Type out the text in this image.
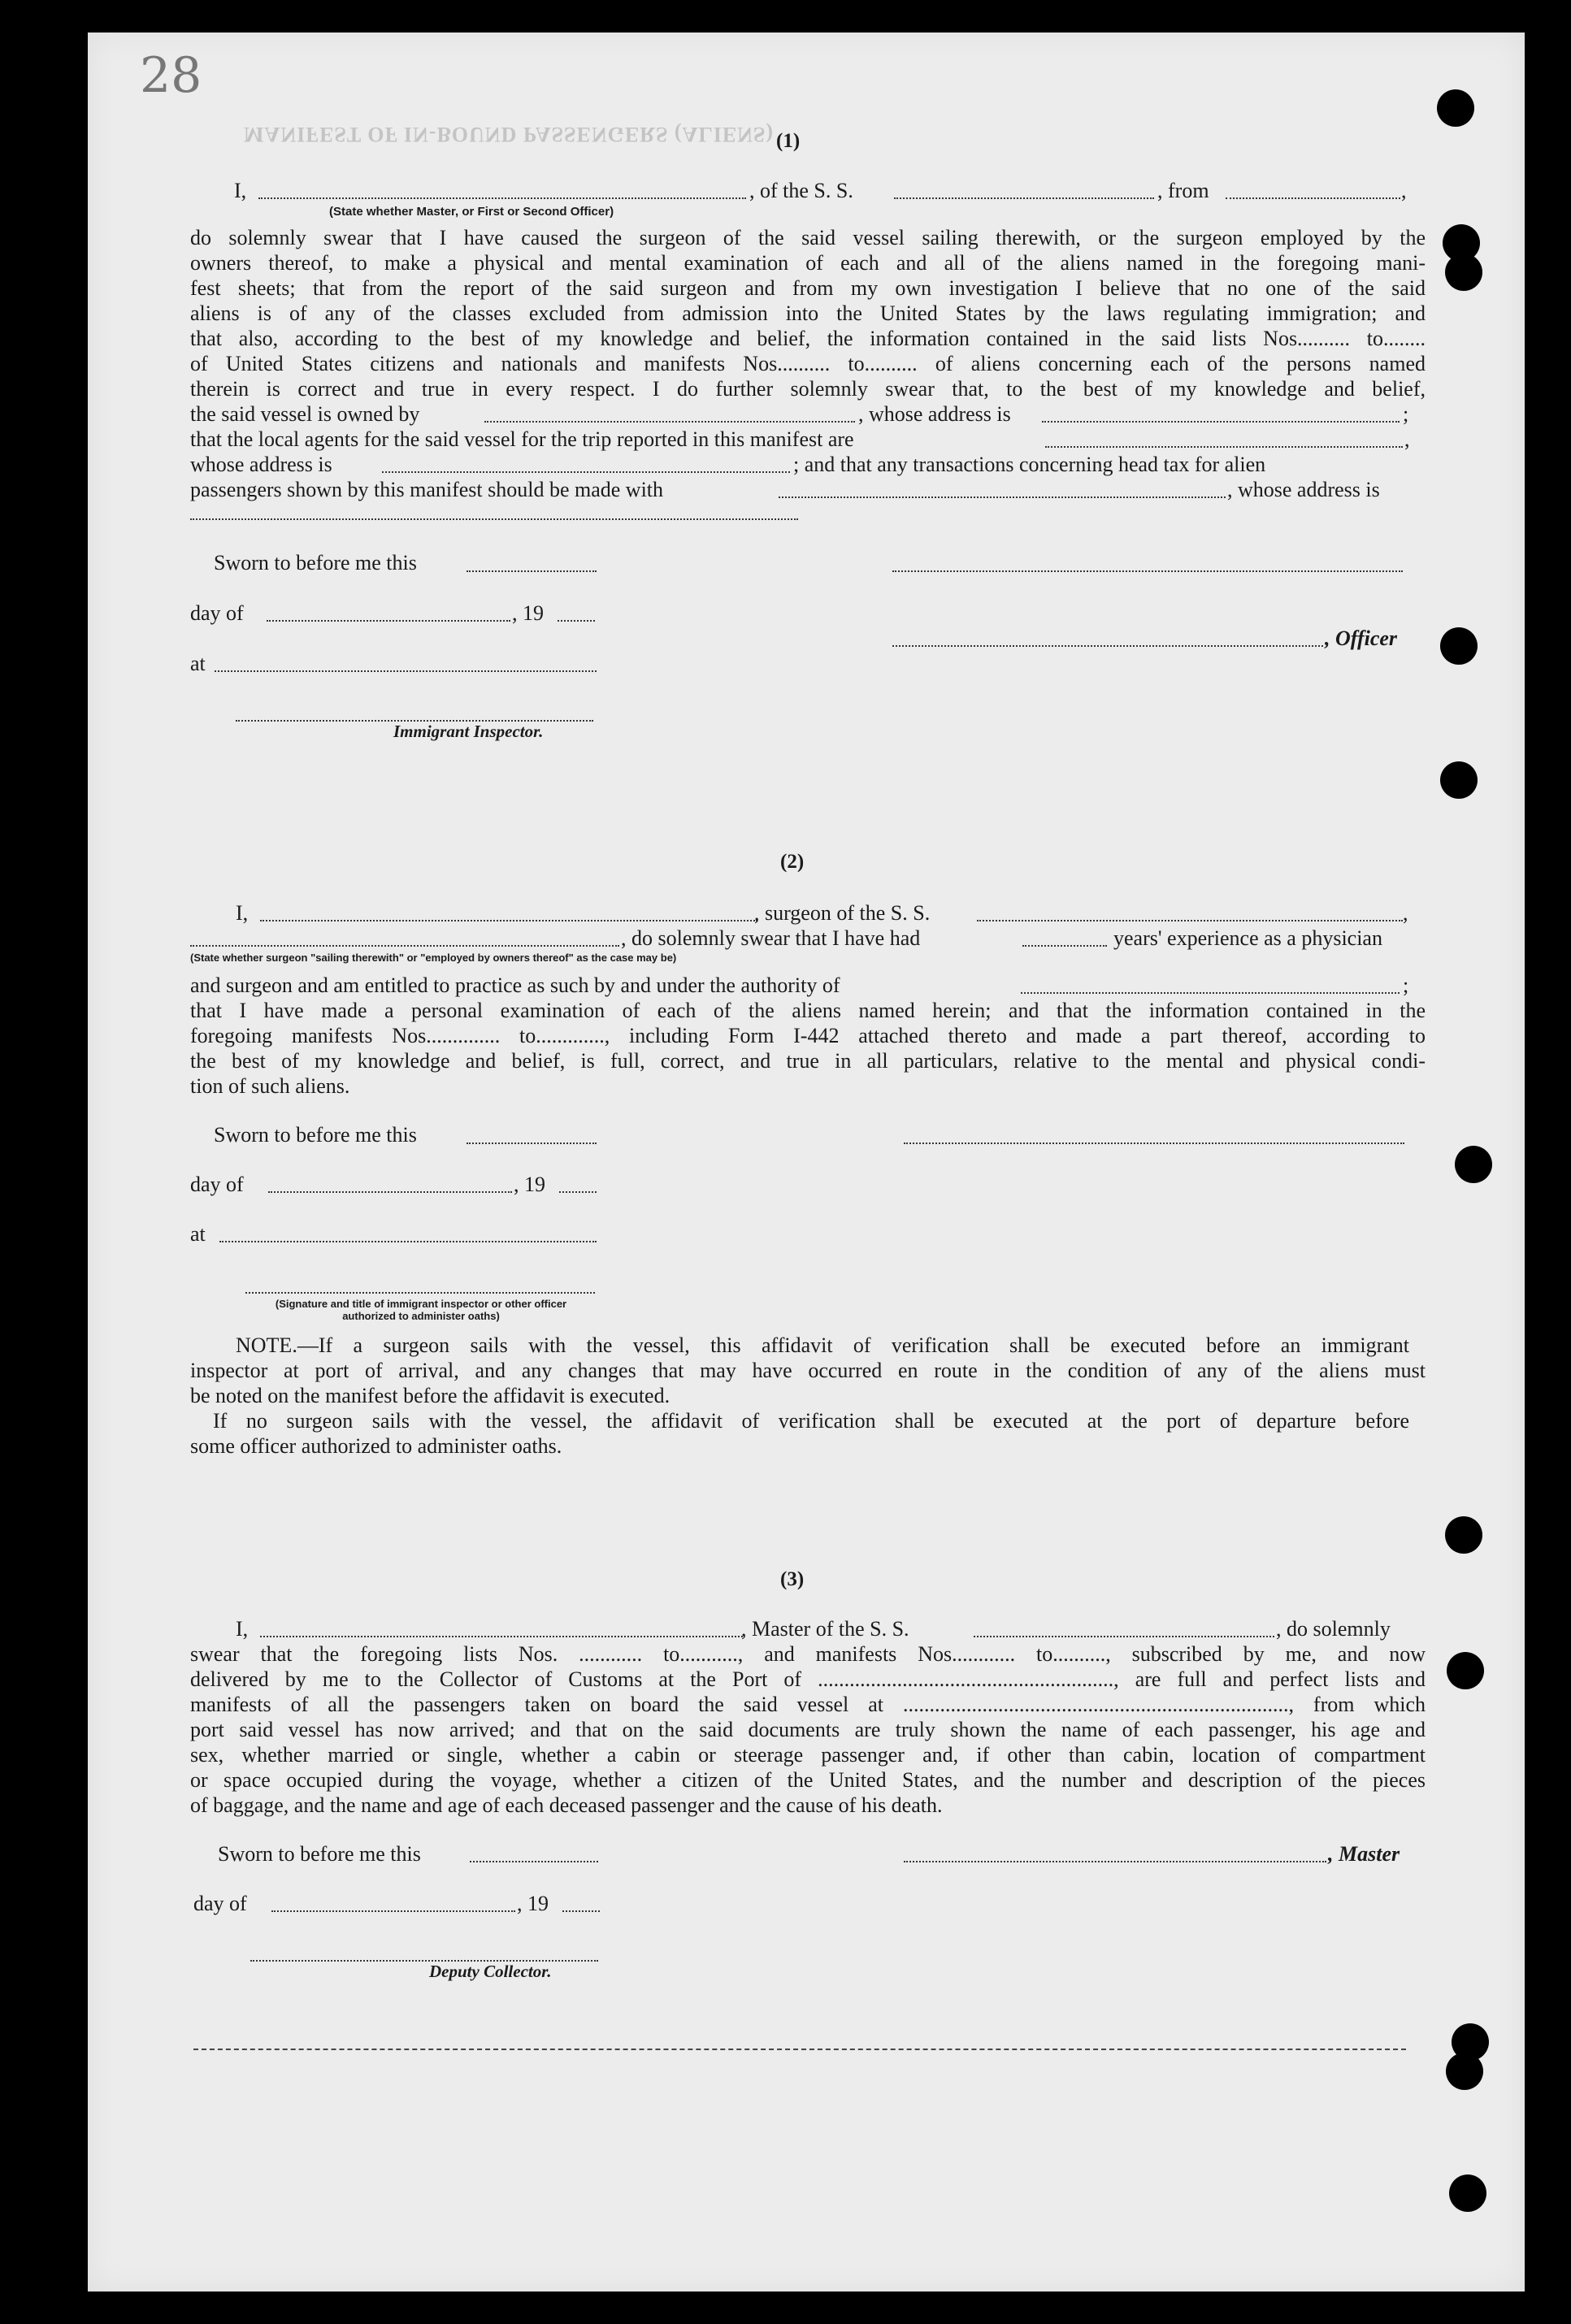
28
MANIFEST OF IN-BOUND PASSENGERS (ALIENS) (1)
I,	, of the S. S.	, from	,
(State whether Master, or First or Second Officer)
do solemnly swear that I have caused the surgeon of the said vessel sailing therewith, or the surgeon employed by the
owners thereof, to make a physical and mental examination of each and all of the aliens named in the foregoing mani-
fest sheets; that from the report of the said surgeon and from my own investigation I believe that no one of the said
aliens is of any of the classes excluded from admission into the United States by the laws regulating immigration; and
that also, according to the best of my knowledge and belief, the information contained in the said lists Nos.......... to........
of United States citizens and nationals and manifests Nos.......... to.......... of aliens concerning each of the persons named
therein is correct and true in every respect. I do further solemnly swear that, to the best of my knowledge and belief,
the said vessel is owned by	, whose address is	;
that the local agents for the said vessel for the trip reported in this manifest are	,
whose address is	; and that any transactions concerning head tax for alien
passengers shown by this manifest should be made with	, whose address is
Sworn to before me this
day of	, 19
, Officer
at
Immigrant Inspector.
(2)
I,	, surgeon of the S. S.	,
, do solemnly swear that I have had	years' experience as a physician
(State whether surgeon "sailing therewith" or "employed by owners thereof" as the case may be)
and surgeon and am entitled to practice as such by and under the authority of	;
that I have made a personal examination of each of the aliens named herein; and that the information contained in the
foregoing manifests Nos.............. to............., including Form I-442 attached thereto and made a part thereof, according to
the best of my knowledge and belief, is full, correct, and true in all particulars, relative to the mental and physical condi-
tion of such aliens.
Sworn to before me this
day of	, 19
at
(Signature and title of immigrant inspector or other officer authorized to administer oaths)
NOTE.—If a surgeon sails with the vessel, this affidavit of verification shall be executed before an immigrant
inspector at port of arrival, and any changes that may have occurred en route in the condition of any of the aliens must
be noted on the manifest before the affidavit is executed.
If no surgeon sails with the vessel, the affidavit of verification shall be executed at the port of departure before
some officer authorized to administer oaths.
(3)
I,	, Master of the S. S.	, do solemnly
swear that the foregoing lists Nos. ............ to..........., and manifests Nos............ to.........., subscribed by me, and now
delivered by me to the Collector of Customs at the Port of ........................................................, are full and perfect lists and
manifests of all the passengers taken on board the said vessel at ........................................................................., from which
port said vessel has now arrived; and that on the said documents are truly shown the name of each passenger, his age and
sex, whether married or single, whether a cabin or steerage passenger and, if other than cabin, location of compartment
or space occupied during the voyage, whether a citizen of the United States, and the number and description of the pieces
of baggage, and the name and age of each deceased passenger and the cause of his death.
Sworn to before me this	, Master
day of	, 19
Deputy Collector.
